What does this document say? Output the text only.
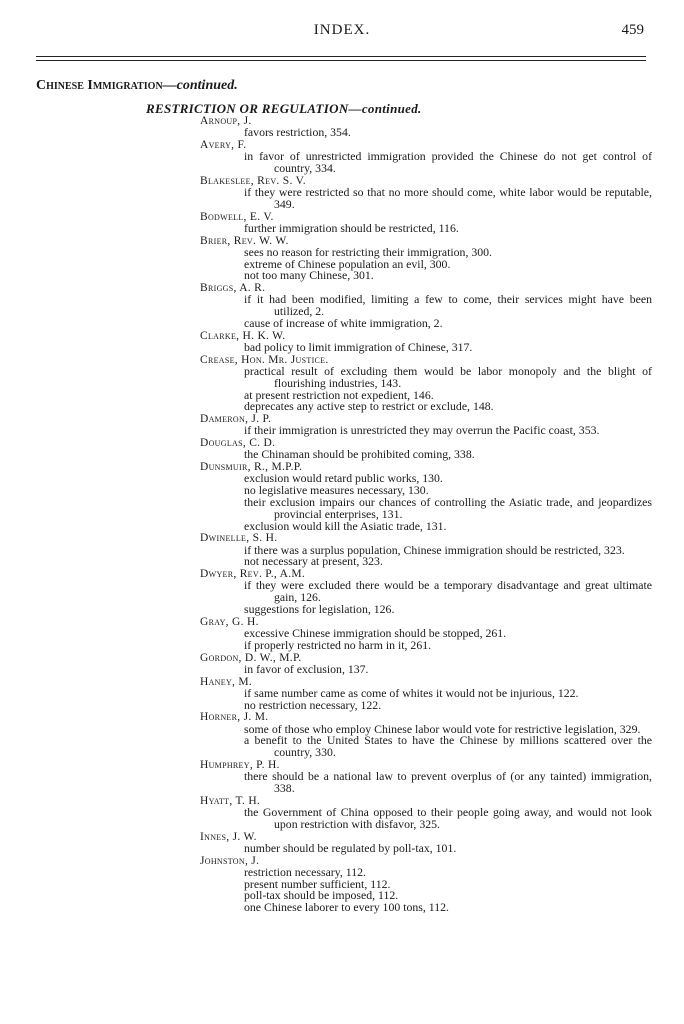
INDEX.	459
Chinese Immigration—continued.
RESTRICTION OR REGULATION—continued.
Arnoup, J.
favors restriction, 354.
Avery, F.
in favor of unrestricted immigration provided the Chinese do not get control of country, 334.
Blakeslee, Rev. S. V.
if they were restricted so that no more should come, white labor would be reputable, 349.
Bodwell, E. V.
further immigration should be restricted, 116.
Brier, Rev. W. W.
sees no reason for restricting their immigration, 300.
extreme of Chinese population an evil, 300.
not too many Chinese, 301.
Briggs, A. R.
if it had been modified, limiting a few to come, their services might have been utilized, 2.
cause of increase of white immigration, 2.
Clarke, H. K. W.
bad policy to limit immigration of Chinese, 317.
Crease, Hon. Mr. Justice.
practical result of excluding them would be labor monopoly and the blight of flourishing industries, 143.
at present restriction not expedient, 146.
deprecates any active step to restrict or exclude, 148.
Dameron, J. P.
if their immigration is unrestricted they may overrun the Pacific coast, 353.
Douglas, C. D.
the Chinaman should be prohibited coming, 338.
Dunsmuir, R., M.P.P.
exclusion would retard public works, 130.
no legislative measures necessary, 130.
their exclusion impairs our chances of controlling the Asiatic trade, and jeopardizes provincial enterprises, 131.
exclusion would kill the Asiatic trade, 131.
Dwinelle, S. H.
if there was a surplus population, Chinese immigration should be restricted, 323.
not necessary at present, 323.
Dwyer, Rev. P., A.M.
if they were excluded there would be a temporary disadvantage and great ultimate gain, 126.
suggestions for legislation, 126.
Gray, G. H.
excessive Chinese immigration should be stopped, 261.
if properly restricted no harm in it, 261.
Gordon, D. W., M.P.
in favor of exclusion, 137.
Haney, M.
if same number came as come of whites it would not be injurious, 122.
no restriction necessary, 122.
Horner, J. M.
some of those who employ Chinese labor would vote for restrictive legislation, 329.
a benefit to the United States to have the Chinese by millions scattered over the country, 330.
Humphrey, P. H.
there should be a national law to prevent overplus of (or any tainted) immigration, 338.
Hyatt, T. H.
the Government of China opposed to their people going away, and would not look upon restriction with disfavor, 325.
Innes, J. W.
number should be regulated by poll-tax, 101.
Johnston, J.
restriction necessary, 112.
present number sufficient, 112.
poll-tax should be imposed, 112.
one Chinese laborer to every 100 tons, 112.
